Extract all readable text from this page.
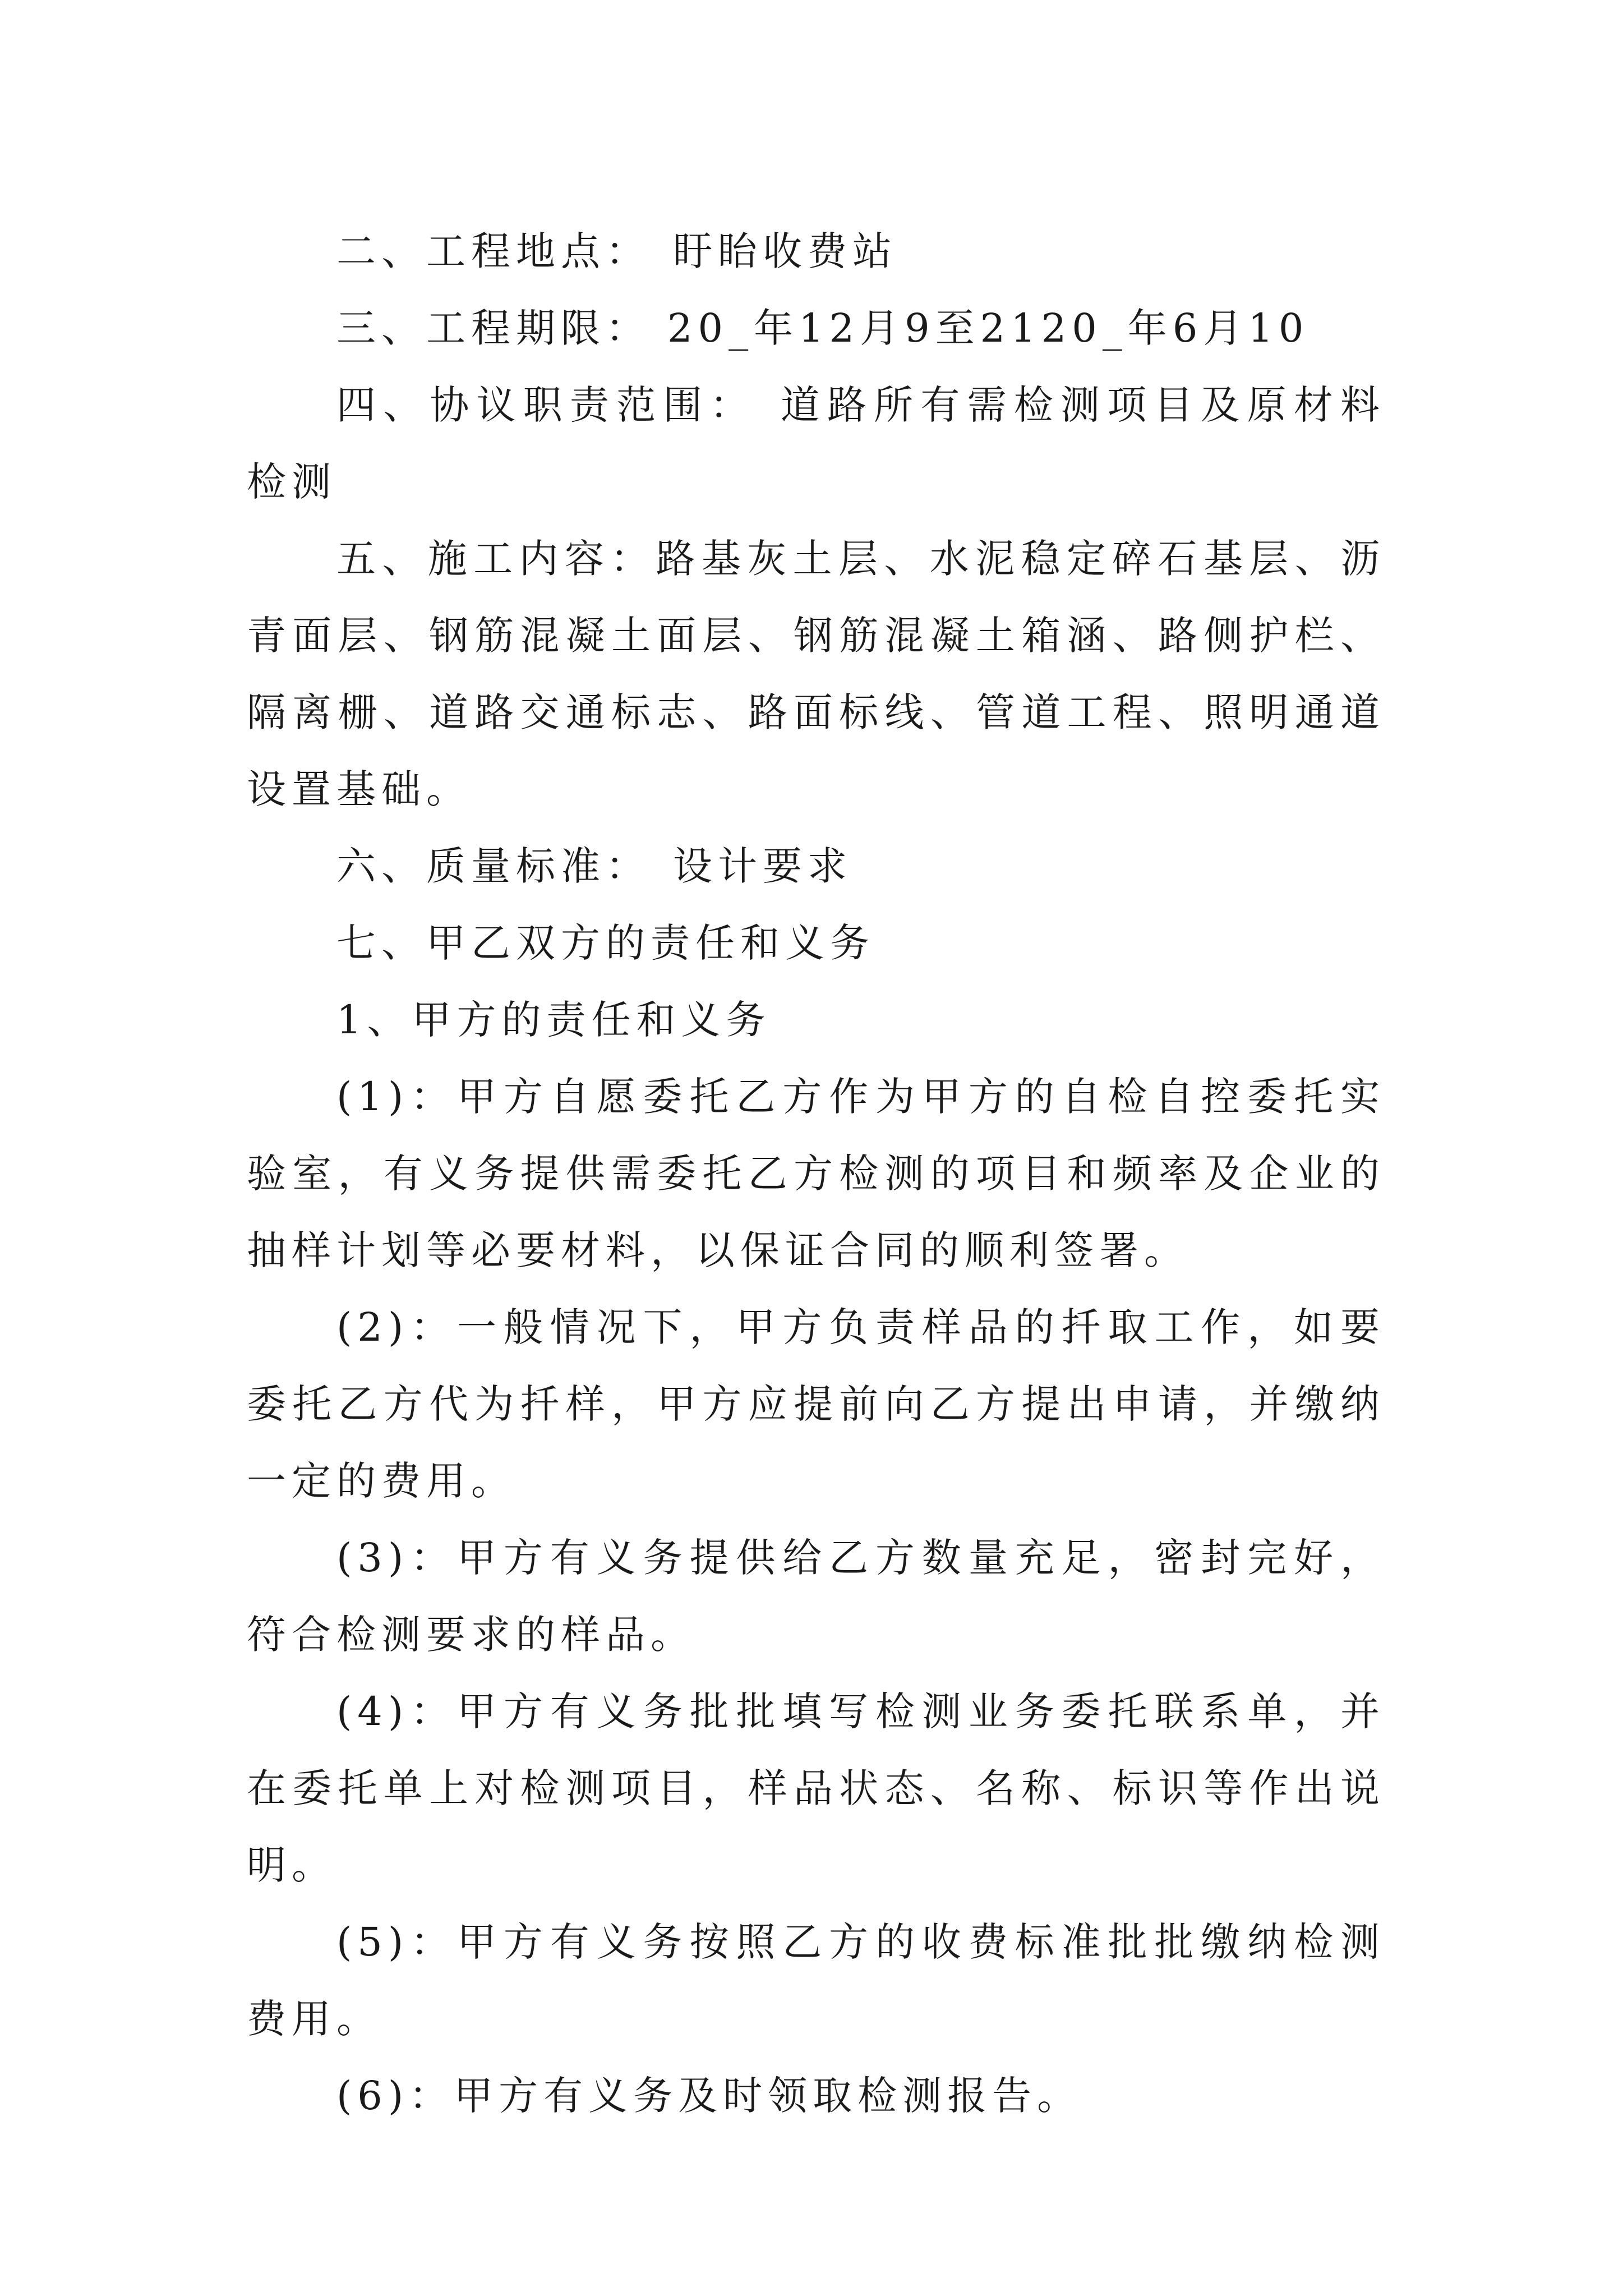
二、工程地点： 盱眙收费站

三、工程期限： 20_年12月9至2120_年6月10

四、协议职责范围： 道路所有需检测项目及原材料检测

五、施工内容：路基灰土层、水泥稳定碎石基层、沥青面层、钢筋混凝土面层、钢筋混凝土箱涵、路侧护栏、隔离栅、道路交通标志、路面标线、管道工程、照明通道设置基础。

六、质量标准： 设计要求

七、甲乙双方的责任和义务

1、甲方的责任和义务

(1)：甲方自愿委托乙方作为甲方的自检自控委托实验室，有义务提供需委托乙方检测的项目和频率及企业的抽样计划等必要材料，以保证合同的顺利签署。

(2)：一般情况下，甲方负责样品的扦取工作，如要委托乙方代为扦样，甲方应提前向乙方提出申请，并缴纳一定的费用。

(3)：甲方有义务提供给乙方数量充足，密封完好，符合检测要求的样品。

(4)：甲方有义务批批填写检测业务委托联系单，并在委托单上对检测项目，样品状态、名称、标识等作出说明。

(5)：甲方有义务按照乙方的收费标准批批缴纳检测费用。

(6)：甲方有义务及时领取检测报告。
